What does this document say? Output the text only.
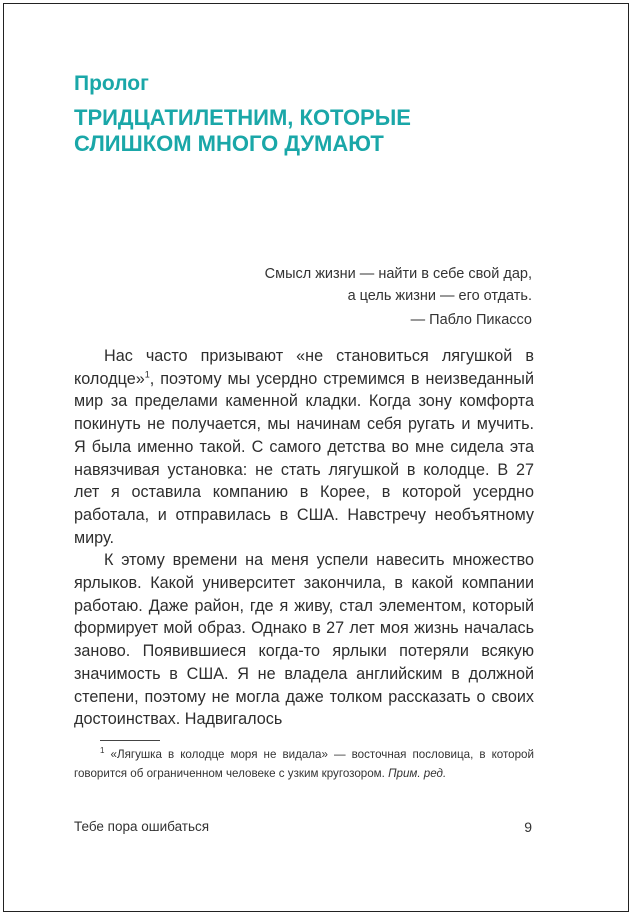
Пролог
ТРИДЦАТИЛЕТНИМ, КОТОРЫЕ
СЛИШКОМ МНОГО ДУМАЮТ
Смысл жизни — найти в себе свой дар,
а цель жизни — его отдать.
— Пабло Пикассо

Нас часто призывают «не становиться лягушкой в колодце»$^1$, поэтому мы усердно стремимся в неизведанный мир за пределами каменной кладки. Когда зону комфорта покинуть не получается, мы начинам себя ругать и мучить. Я была именно такой. С самого детства во мне сидела эта навязчивая установка: не стать лягушкой в колодце. В 27 лет я оставила компанию в Корее, в которой усердно работала, и отправилась в США. Навстречу необъятному миру.

К этому времени на меня успели навесить множество ярлыков. Какой университет закончила, в какой компании работаю. Даже район, где я живу, стал элементом, который формирует мой образ. Однако в 27 лет моя жизнь началась заново. Появившиеся когда-то ярлыки потеряли всякую значимость в США. Я не владела английским в должной степени, поэтому не могла даже толком рассказать о своих достоинствах. Надвигалось

$^1$ «Лягушка в колодце моря не видала» — восточная пословица, в которой говорится об ограниченном человеке с узким кругозором. Прим. ред.
Тебе пора ошибаться	9
